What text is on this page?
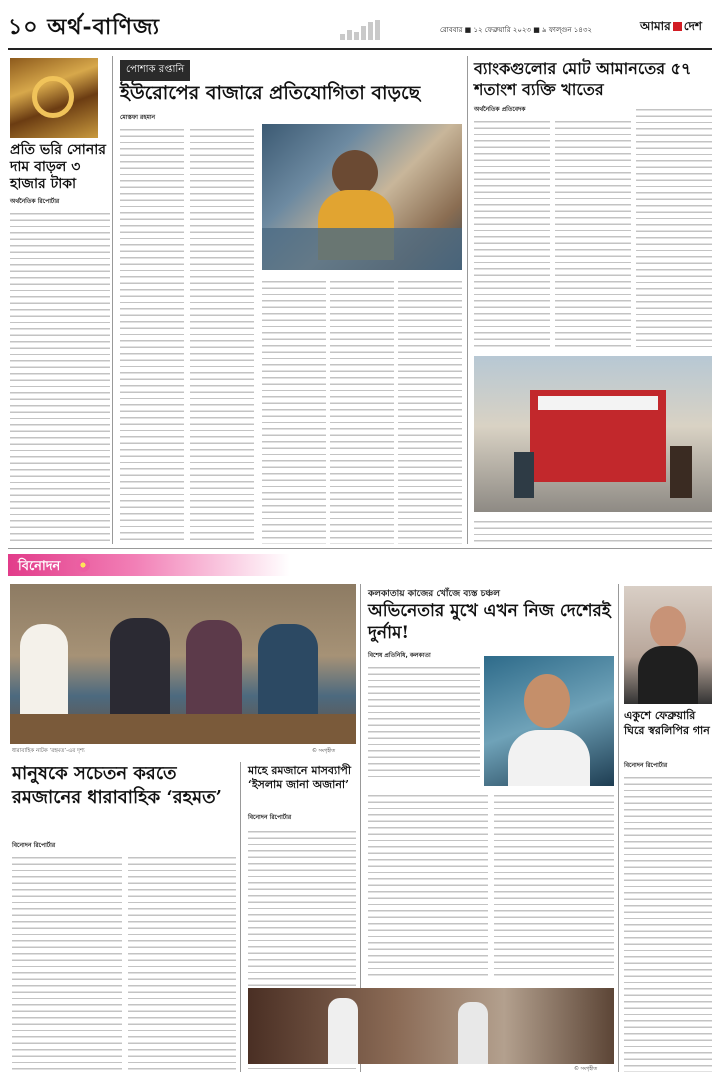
১০ অর্থ-বাণিজ্য	রোববার ■ ১২ ফেব্রুয়ারি ২০২৩ ■ ৯ ফাল্গুন ১৪৩২	আমার দেশ
প্রতি ভরি সোনার দাম বাড়ল ৩ হাজার টাকা
অর্থনৈতিক রিপোর্টার
পোশাক রপ্তানি
ইউরোপের বাজারে প্রতিযোগিতা বাড়ছে
মোস্তফা রহমান
ব্যাংকগুলোর মোট আমানতের ৫৭ শতাংশ ব্যক্তি খাতের
অর্থনৈতিক প্রতিবেদক
বিনোদন
ধারাবাহিক নাটক ‘রহমত’-এর দৃশ্য	© সংগৃহীত
মানুষকে সচেতন করতে রমজানের ধারাবাহিক ‘রহমত’
বিনোদন রিপোর্টার
মাহে রমজানে মাসব্যাপী ‘ইসলাম জানা অজানা’
বিনোদন রিপোর্টার
কলকাতায় কাজের খোঁজে ব্যস্ত চঞ্চল
অভিনেতার মুখে এখন নিজ দেশেরই দুর্নাম!
বিশেষ প্রতিনিধি, কলকাতা
© সংগৃহীত
একুশে ফেব্রুয়ারি ঘিরে স্বরলিপির গান
বিনোদন রিপোর্টার
